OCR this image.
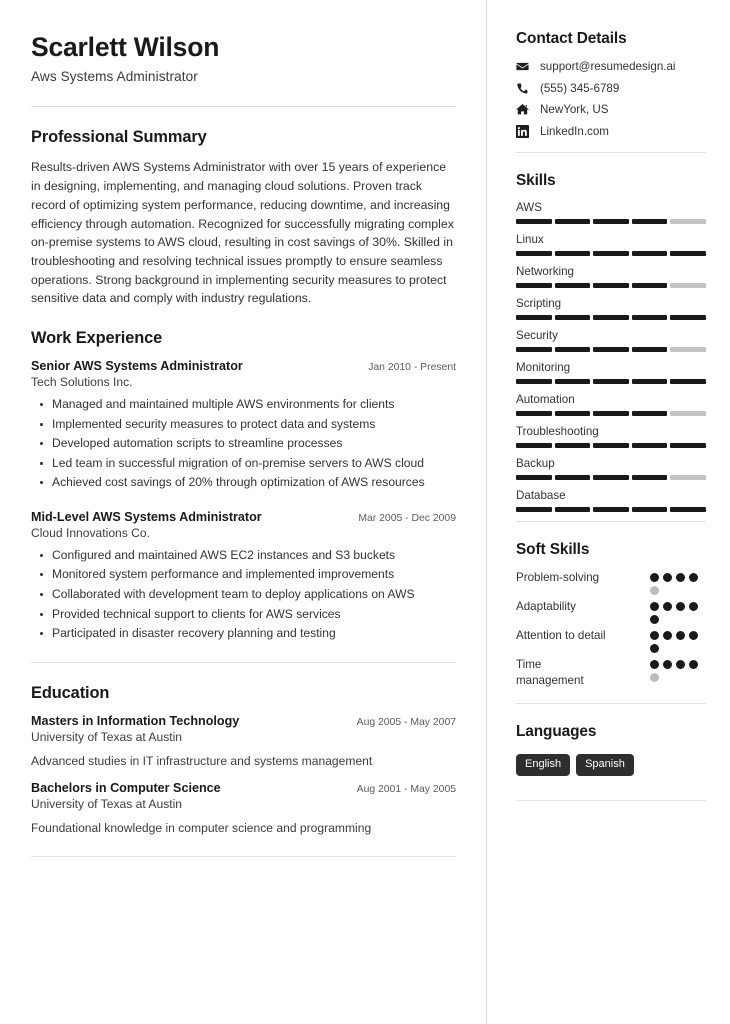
Scarlett Wilson
Aws Systems Administrator
Professional Summary

Results-driven AWS Systems Administrator with over 15 years of experience in designing, implementing, and managing cloud solutions. Proven track record of optimizing system performance, reducing downtime, and increasing efficiency through automation. Recognized for successfully migrating complex on-premise systems to AWS cloud, resulting in cost savings of 30%. Skilled in troubleshooting and resolving technical issues promptly to ensure seamless operations. Strong background in implementing security measures to protect sensitive data and comply with industry regulations.

Work Experience
Senior AWS Systems Administrator	Jan 2010 - Present
Tech Solutions Inc.
Managed and maintained multiple AWS environments for clients
Implemented security measures to protect data and systems
Developed automation scripts to streamline processes
Led team in successful migration of on-premise servers to AWS cloud
Achieved cost savings of 20% through optimization of AWS resources
Mid-Level AWS Systems Administrator	Mar 2005 - Dec 2009
Cloud Innovations Co.
Configured and maintained AWS EC2 instances and S3 buckets
Monitored system performance and implemented improvements
Collaborated with development team to deploy applications on AWS
Provided technical support to clients for AWS services
Participated in disaster recovery planning and testing
Education
Masters in Information Technology	Aug 2005 - May 2007
University of Texas at Austin
Advanced studies in IT infrastructure and systems management
Bachelors in Computer Science	Aug 2001 - May 2005
University of Texas at Austin
Foundational knowledge in computer science and programming
Contact Details
support@resumedesign.ai
(555) 345-6789
NewYork, US
LinkedIn.com
Skills
AWS
Linux
Networking
Scripting
Security
Monitoring
Automation
Troubleshooting
Backup
Database
Soft Skills
Problem-solving
Adaptability
Attention to detail
Time management
Languages
English	Spanish
